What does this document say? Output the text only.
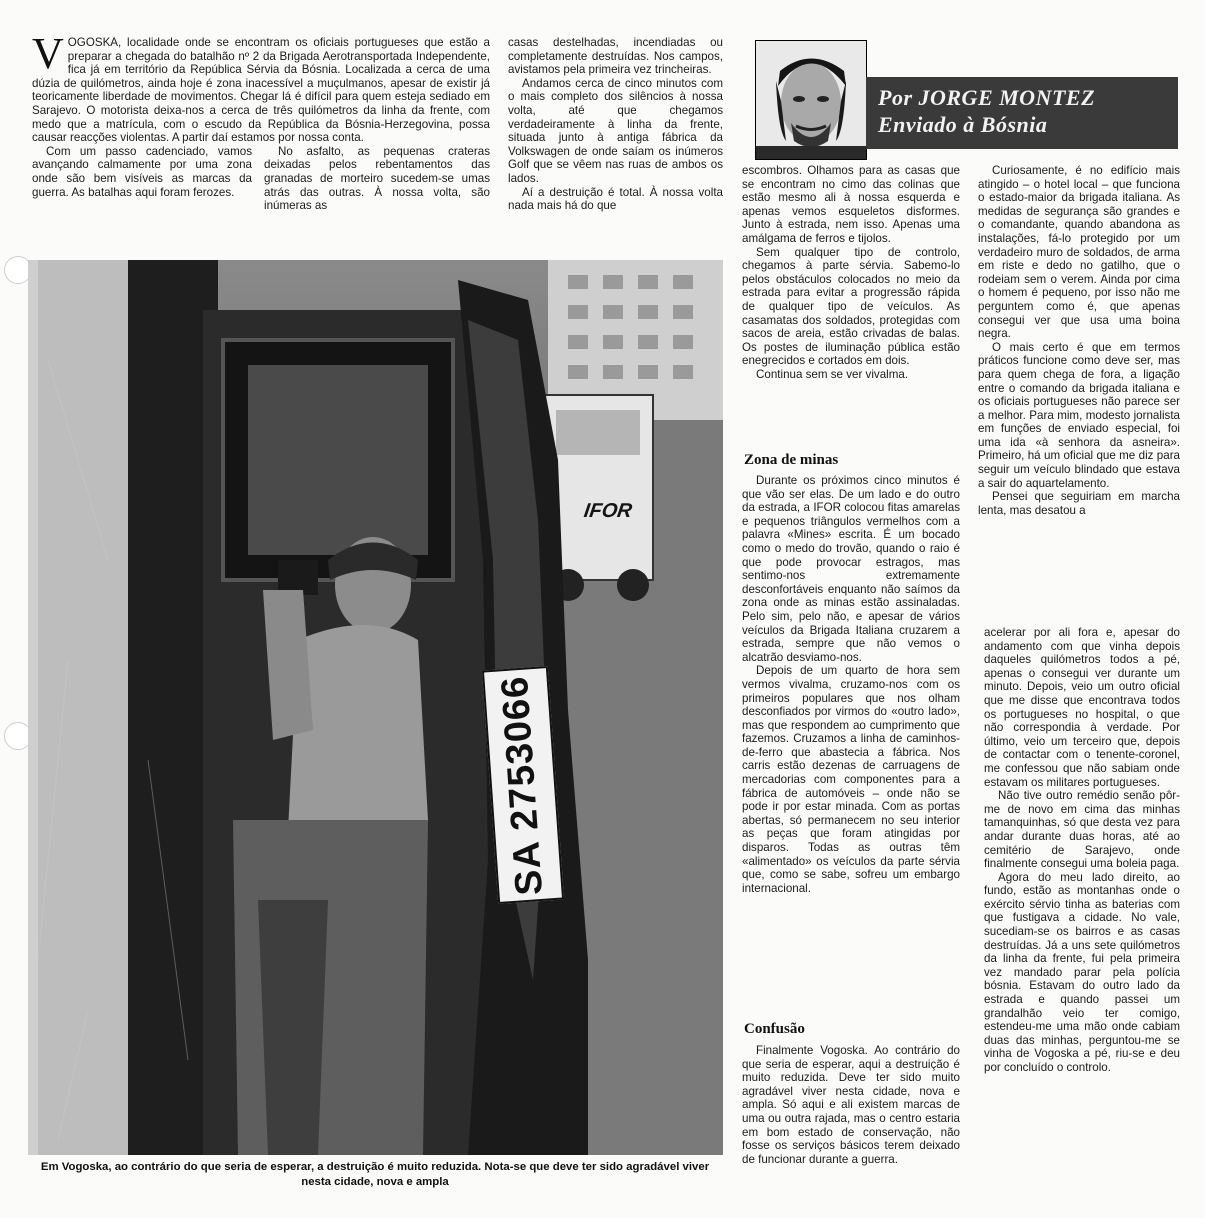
VOGOSKA, localidade onde se encontram os oficiais portugueses que estão a preparar a chegada do batalhão nº 2 da Brigada Aerotransportada Independente, fica já em território da República Sérvia da Bósnia. Localizada a cerca de uma dúzia de quilómetros, ainda hoje é zona inacessível a muçulmanos, apesar de existir já teoricamente liberdade de movimentos. Chegar lá é difícil para quem esteja sediado em Sarajevo. O motorista deixa-nos a cerca de três quilómetros da linha da frente, com medo que a matrícula, com o escudo da República da Bósnia-Herzegovina, possa causar reacções violentas. A partir daí estamos por nossa conta.

Com um passo cadenciado, vamos avançando calmamente por uma zona onde são bem visíveis as marcas da guerra. As batalhas aqui foram ferozes.

No asfalto, as pequenas crateras deixadas pelos rebentamentos das granadas de morteiro sucedem-se umas atrás das outras. À nossa volta, são inúmeras as

casas destelhadas, incendiadas ou completamente destruídas. Nos campos, avistamos pela primeira vez trincheiras.

Andamos cerca de cinco minutos com o mais completo dos silêncios à nossa volta, até que chegamos verdadeiramente à linha da frente, situada junto à antiga fábrica da Volkswagen de onde saíam os inúmeros Golf que se vêem nas ruas de ambos os lados.

Aí a destruição é total. À nossa volta nada mais há do que

IFOR
SA 2753066
Em Vogoska, ao contrário do que seria de esperar, a destruição é muito reduzida. Nota-se que deve ter sido agradável viver nesta cidade, nova e ampla
Por JORGE MONTEZ
Enviado à Bósnia

escombros. Olhamos para as casas que se encontram no cimo das colinas que estão mesmo ali à nossa esquerda e apenas vemos esqueletos disformes. Junto à estrada, nem isso. Apenas uma amálgama de ferros e tijolos.

Sem qualquer tipo de controlo, chegamos à parte sérvia. Sabemo-lo pelos obstáculos colocados no meio da estrada para evitar a progressão rápida de qualquer tipo de veículos. As casamatas dos soldados, protegidas com sacos de areia, estão crivadas de balas. Os postes de iluminação pública estão enegrecidos e cortados em dois.

Continua sem se ver vivalma.

Zona de minas

Durante os próximos cinco minutos é que vão ser elas. De um lado e do outro da estrada, a IFOR colocou fitas amarelas e pequenos triângulos vermelhos com a palavra «Mines» escrita. É um bocado como o medo do trovão, quando o raio é que pode provocar estragos, mas sentimo-nos extremamente desconfortáveis enquanto não saímos da zona onde as minas estão assinaladas. Pelo sim, pelo não, e apesar de vários veículos da Brigada Italiana cruzarem a estrada, sempre que não vemos o alcatrão desviamo-nos.

Depois de um quarto de hora sem vermos vivalma, cruzamo-nos com os primeiros populares que nos olham desconfiados por virmos do «outro lado», mas que respondem ao cumprimento que fazemos. Cruzamos a linha de caminhos-de-ferro que abastecia a fábrica. Nos carris estão dezenas de carruagens de mercadorias com componentes para a fábrica de automóveis – onde não se pode ir por estar minada. Com as portas abertas, só permanecem no seu interior as peças que foram atingidas por disparos. Todas as outras têm «alimentado» os veículos da parte sérvia que, como se sabe, sofreu um embargo internacional.

Confusão

Finalmente Vogoska. Ao contrário do que seria de esperar, aqui a destruição é muito reduzida. Deve ter sido muito agradável viver nesta cidade, nova e ampla. Só aqui e ali existem marcas de uma ou outra rajada, mas o centro estaria em bom estado de conservação, não fosse os serviços básicos terem deixado de funcionar durante a guerra.

Curiosamente, é no edifício mais atingido – o hotel local – que funciona o estado-maior da brigada italiana. As medidas de segurança são grandes e o comandante, quando abandona as instalações, fá-lo protegido por um verdadeiro muro de soldados, de arma em riste e dedo no gatilho, que o rodeiam sem o verem. Ainda por cima o homem é pequeno, por isso não me perguntem como é, que apenas consegui ver que usa uma boina negra.

O mais certo é que em termos práticos funcione como deve ser, mas para quem chega de fora, a ligação entre o comando da brigada italiana e os oficiais portugueses não parece ser a melhor. Para mim, modesto jornalista em funções de enviado especial, foi uma ida «à senhora da asneira». Primeiro, há um oficial que me diz para seguir um veículo blindado que estava a sair do aquartelamento.

Pensei que seguiriam em marcha lenta, mas desatou a

acelerar por ali fora e, apesar do andamento com que vinha depois daqueles quilómetros todos a pé, apenas o consegui ver durante um minuto. Depois, veio um outro oficial que me disse que encontrava todos os portugueses no hospital, o que não correspondia à verdade. Por último, veio um terceiro que, depois de contactar com o tenente-coronel, me confessou que não sabiam onde estavam os militares portugueses.

Não tive outro remédio senão pôr-me de novo em cima das minhas tamanquinhas, só que desta vez para andar durante duas horas, até ao cemitério de Sarajevo, onde finalmente consegui uma boleia paga.

Agora do meu lado direito, ao fundo, estão as montanhas onde o exército sérvio tinha as baterias com que fustigava a cidade. No vale, sucediam-se os bairros e as casas destruídas. Já a uns sete quilómetros da linha da frente, fui pela primeira vez mandado parar pela polícia bósnia. Estavam do outro lado da estrada e quando passei um grandalhão veio ter comigo, estendeu-me uma mão onde cabiam duas das minhas, perguntou-me se vinha de Vogoska a pé, riu-se e deu por concluído o controlo.
